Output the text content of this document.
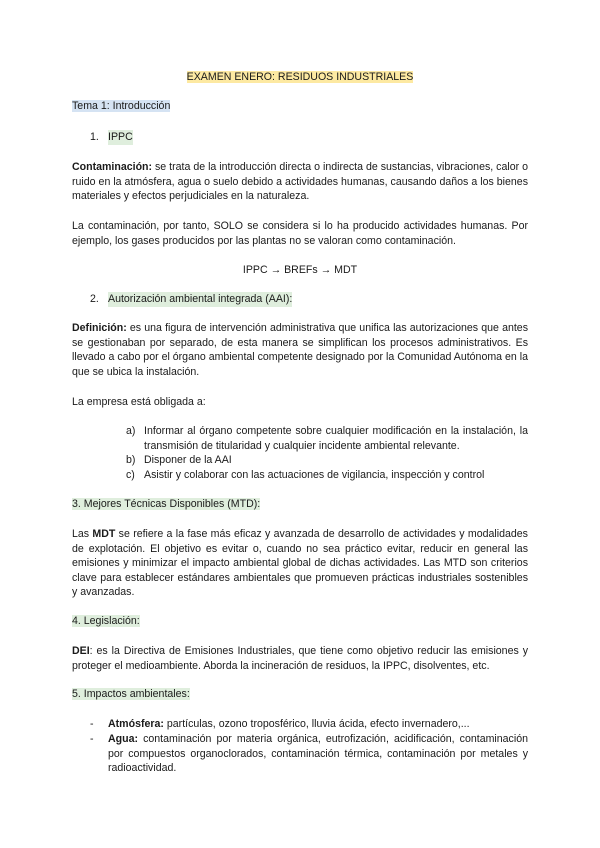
EXAMEN ENERO: RESIDUOS INDUSTRIALES
Tema 1: Introducción
1. IPPC

Contaminación: se trata de la introducción directa o indirecta de sustancias, vibraciones, calor o ruido en la atmósfera, agua o suelo debido a actividades humanas, causando daños a los bienes materiales y efectos perjudiciales en la naturaleza.

La contaminación, por tanto, SOLO se considera si lo ha producido actividades humanas. Por ejemplo, los gases producidos por las plantas no se valoran como contaminación.

IPPC → BREFs → MDT
2. Autorización ambiental integrada (AAI):

Definición: es una figura de intervención administrativa que unifica las autorizaciones que antes se gestionaban por separado, de esta manera se simplifican los procesos administrativos. Es llevado a cabo por el órgano ambiental competente designado por la Comunidad Autónoma en la que se ubica la instalación.

La empresa está obligada a:

a) Informar al órgano competente sobre cualquier modificación en la instalación, la transmisión de titularidad y cualquier incidente ambiental relevante.

b) Disponer de la AAI

c) Asistir y colaborar con las actuaciones de vigilancia, inspección y control

3. Mejores Técnicas Disponibles (MTD):

Las MDT se refiere a la fase más eficaz y avanzada de desarrollo de actividades y modalidades de explotación. El objetivo es evitar o, cuando no sea práctico evitar, reducir en general las emisiones y minimizar el impacto ambiental global de dichas actividades. Las MTD son criterios clave para establecer estándares ambientales que promueven prácticas industriales sostenibles y avanzadas.

4. Legislación:

DEI: es la Directiva de Emisiones Industriales, que tiene como objetivo reducir las emisiones y proteger el medioambiente. Aborda la incineración de residuos, la IPPC, disolventes, etc.

5. Impactos ambientales:
- Atmósfera: partículas, ozono troposférico, lluvia ácida, efecto invernadero,...

- Agua: contaminación por materia orgánica, eutrofización, acidificación, contaminación por compuestos organoclorados, contaminación térmica, contaminación por metales y radioactividad.
